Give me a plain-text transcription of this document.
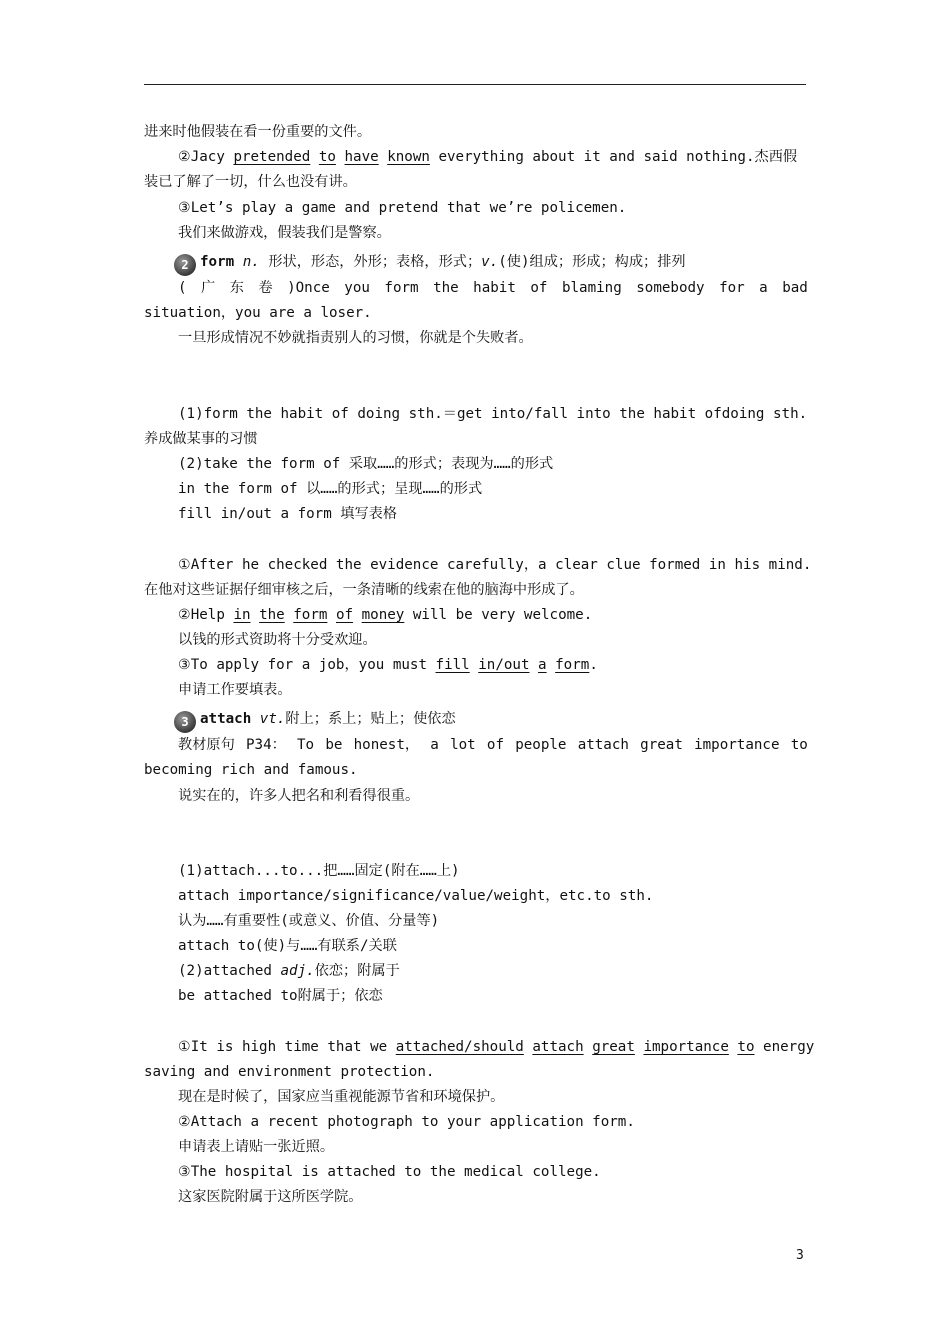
进来时他假装在看一份重要的文件。
②Jacy pretended to have known everything about it and said nothing.杰西假
装已了解了一切，什么也没有讲。
③Let’s play a game and pretend that we’re policemen.
我们来做游戏，假装我们是警察。
2 form n. 形状，形态，外形；表格，形式；v.(使)组成；形成；构成；排列
( 广 东 卷 )Once you form the habit of blaming somebody for a bad
situation，you are a loser.
一旦形成情况不妙就指责别人的习惯，你就是个失败者。
(1)form the habit of doing sth.＝get into/fall into the habit ofdoing sth.
养成做某事的习惯
(2)take the form of 采取……的形式；表现为……的形式
in the form of 以……的形式；呈现……的形式
fill in/out a form 填写表格
①After he checked the evidence carefully，a clear clue formed in his mind.
在他对这些证据仔细审核之后，一条清晰的线索在他的脑海中形成了。
②Help in the form of money will be very welcome.
以钱的形式资助将十分受欢迎。
③To apply for a job，you must fill in/out a form.
申请工作要填表。
3 attach vt.附上；系上；贴上；使依恋
教材原句 P34： To be honest， a lot of people attach great importance to
becoming rich and famous.
说实在的，许多人把名和利看得很重。
(1)attach...to...把……固定(附在……上)
attach importance/significance/value/weight，etc.to sth.
认为……有重要性(或意义、价值、分量等)
attach to(使)与……有联系/关联
(2)attached adj.依恋；附属于
be attached to附属于；依恋
①It is high time that we attached/should attach great importance to energy
saving and environment protection.
现在是时候了，国家应当重视能源节省和环境保护。
②Attach a recent photograph to your application form.
申请表上请贴一张近照。
③The hospital is attached to the medical college.
这家医院附属于这所医学院。
3
